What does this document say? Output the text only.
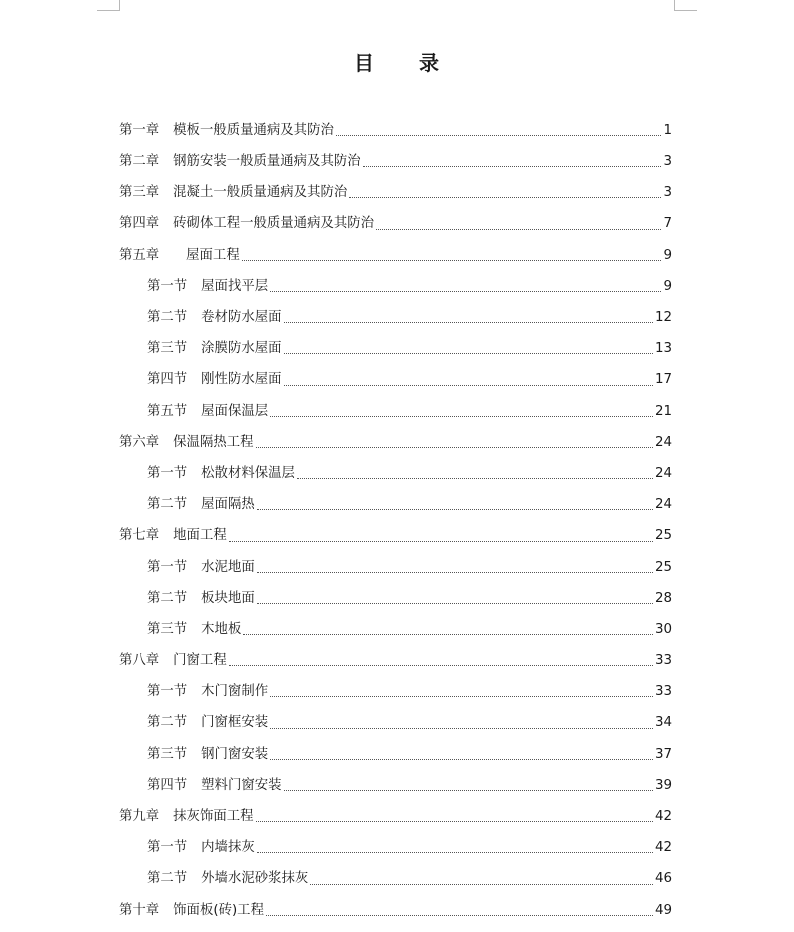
目 录
第一章 模板一般质量通病及其防治	1
第二章 钢筋安装一般质量通病及其防治	3
第三章 混凝土一般质量通病及其防治	3
第四章 砖砌体工程一般质量通病及其防治	7
第五章 屋面工程	9
第一节 屋面找平层	9
第二节 卷材防水屋面	12
第三节 涂膜防水屋面	13
第四节 刚性防水屋面	17
第五节 屋面保温层	21
第六章 保温隔热工程	24
第一节 松散材料保温层	24
第二节 屋面隔热	24
第七章 地面工程	25
第一节 水泥地面	25
第二节 板块地面	28
第三节 木地板	30
第八章 门窗工程	33
第一节 木门窗制作	33
第二节 门窗框安装	34
第三节 钢门窗安装	37
第四节 塑料门窗安装	39
第九章 抹灰饰面工程	42
第一节 内墙抹灰	42
第二节 外墙水泥砂浆抹灰	46
第十章 饰面板(砖)工程	49
